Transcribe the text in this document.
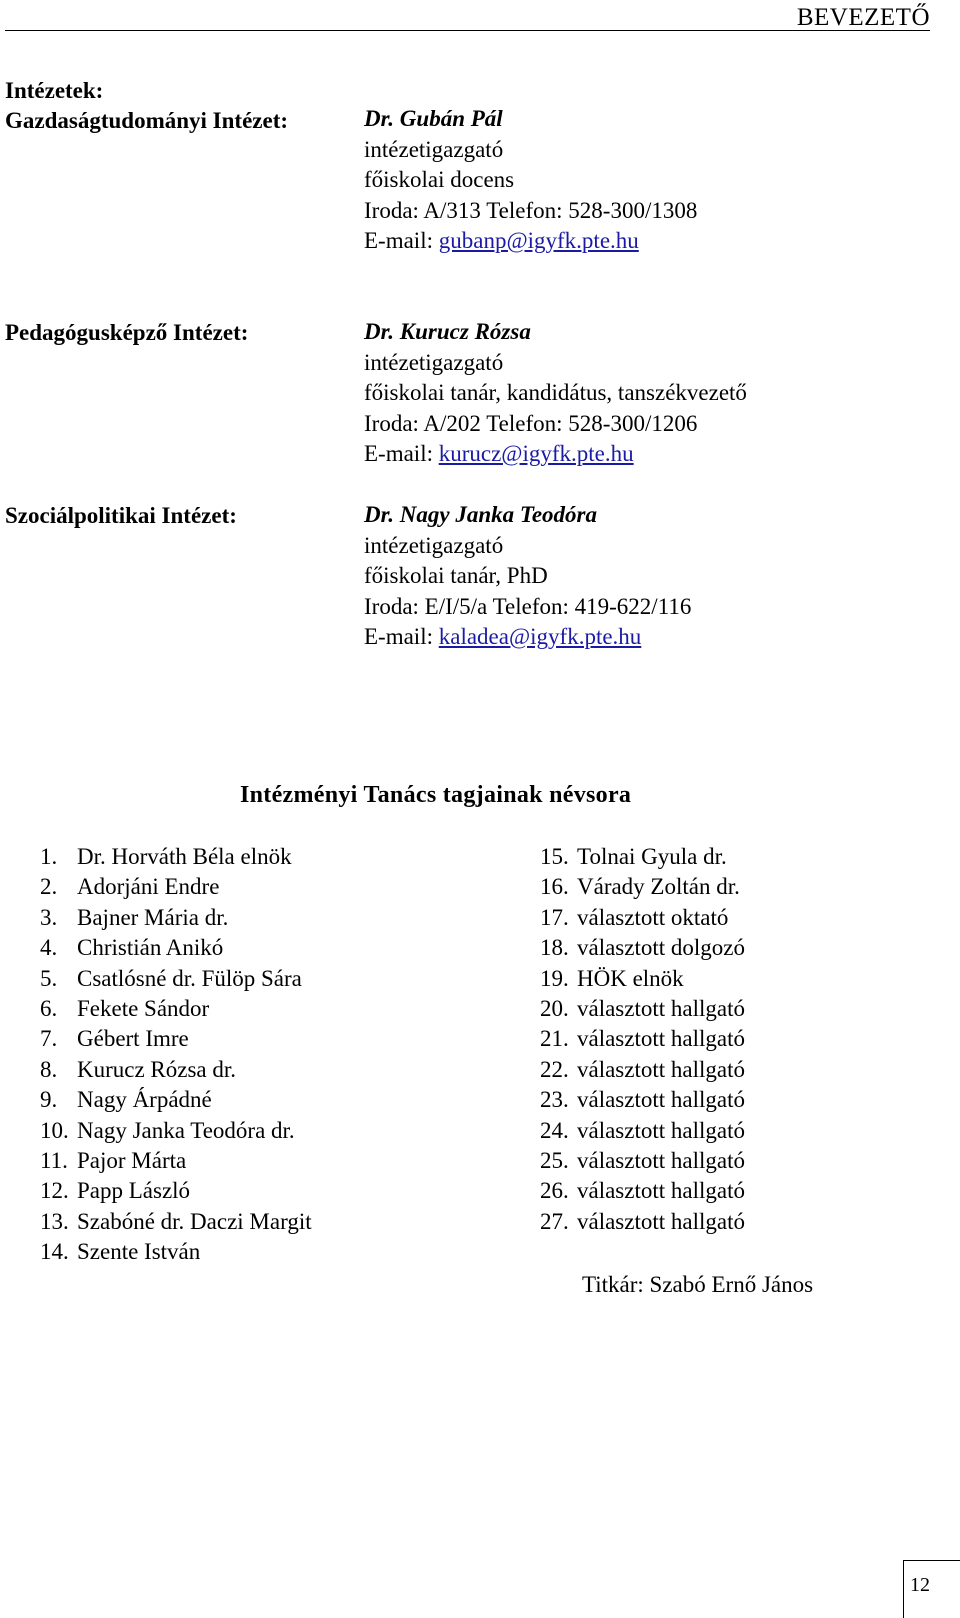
BEVEZETŐ
Intézetek:
Gazdaságtudományi Intézet:	Dr. Gubán Pál
intézetigazgató
főiskolai docens
Iroda: A/313 Telefon: 528-300/1308
E-mail: gubanp@igyfk.pte.hu
Pedagógusképző Intézet:	Dr. Kurucz Rózsa
intézetigazgató
főiskolai tanár, kandidátus, tanszékvezető
Iroda: A/202 Telefon: 528-300/1206
E-mail: kurucz@igyfk.pte.hu
Szociálpolitikai Intézet:	Dr. Nagy Janka Teodóra
intézetigazgató
főiskolai tanár, PhD
Iroda: E/I/5/a Telefon: 419-622/116
E-mail: kaladea@igyfk.pte.hu
Intézményi Tanács tagjainak névsora
1. Dr. Horváth Béla elnök
2. Adorjáni Endre
3. Bajner Mária dr.
4. Christián Anikó
5. Csatlósné dr. Fülöp Sára
6. Fekete Sándor
7. Gébert Imre
8. Kurucz Rózsa dr.
9. Nagy Árpádné
10. Nagy Janka Teodóra dr.
11. Pajor Márta
12. Papp László
13. Szabóné dr. Daczi Margit
14. Szente István
15. Tolnai Gyula dr.
16. Várady Zoltán dr.
17. választott oktató
18. választott dolgozó
19. HÖK elnök
20. választott hallgató
21. választott hallgató
22. választott hallgató
23. választott hallgató
24. választott hallgató
25. választott hallgató
26. választott hallgató
27. választott hallgató
Titkár: Szabó Ernő János
12
